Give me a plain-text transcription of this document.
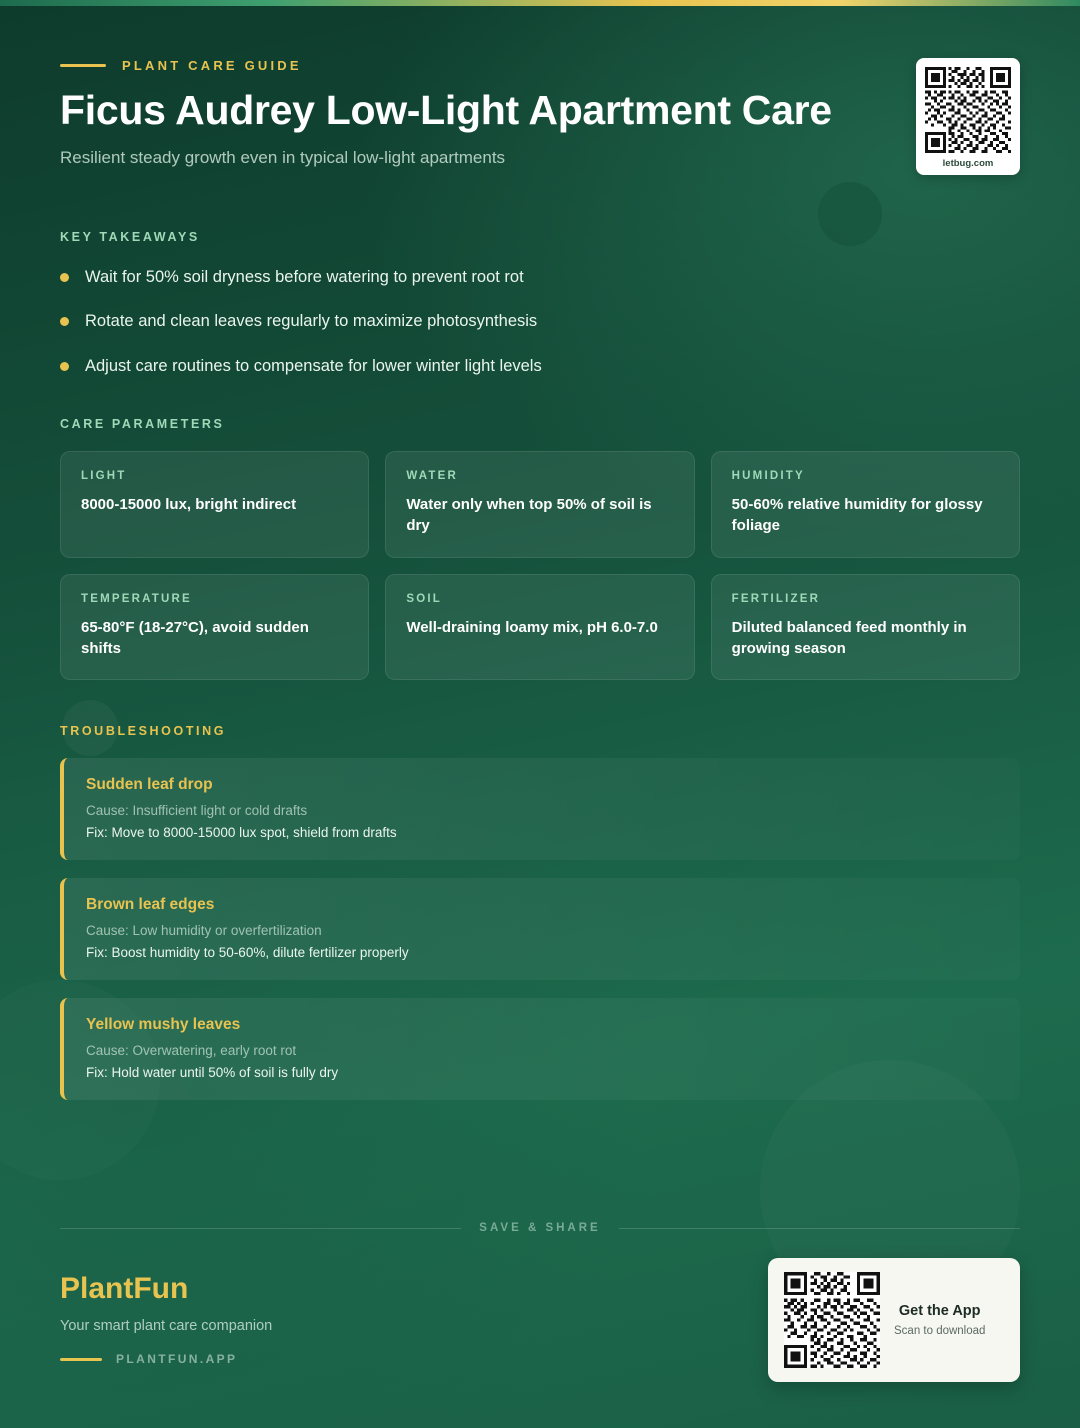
letbug.com
PLANT CARE GUIDE
Ficus Audrey Low-Light Apartment Care
Resilient steady growth even in typical low-light apartments
KEY TAKEAWAYS
Wait for 50% soil dryness before watering to prevent root rot
Rotate and clean leaves regularly to maximize photosynthesis
Adjust care routines to compensate for lower winter light levels
CARE PARAMETERS
LIGHT
8000-15000 lux, bright indirect
WATER
Water only when top 50% of soil is dry
HUMIDITY
50-60% relative humidity for glossy foliage
TEMPERATURE
65-80°F (18-27°C), avoid sudden shifts
SOIL
Well-draining loamy mix, pH 6.0-7.0
FERTILIZER
Diluted balanced feed monthly in growing season
TROUBLESHOOTING
Sudden leaf drop
Cause: Insufficient light or cold drafts
Fix: Move to 8000-15000 lux spot, shield from drafts
Brown leaf edges
Cause: Low humidity or overfertilization
Fix: Boost humidity to 50-60%, dilute fertilizer properly
Yellow mushy leaves
Cause: Overwatering, early root rot
Fix: Hold water until 50% of soil is fully dry
SAVE & SHARE
PlantFun
Your smart plant care companion
PLANTFUN.APP
Get the App
Scan to download
